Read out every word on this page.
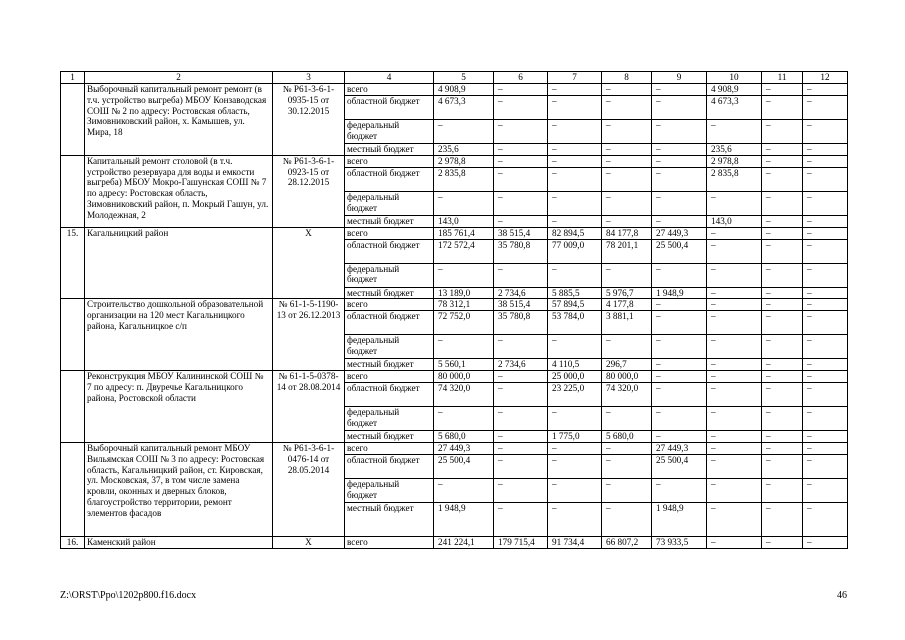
1	2	3	4	5	6	7	8	9	10	11	12
	Выборочный капитальный ремонт ремонт (в т.ч. устройство выгреба) МБОУ Конзаводская СОШ № 2 по адресу: Ростовская область, Зимовниковский район, х. Камышев, ул. Мира, 18	№ Р61-3-6-1-0935-15 от 30.12.2015	всего	4 908,9	–	–	–	–	4 908,9	–	–
			областной бюджет	4 673,3	–	–	–	–	4 673,3	–	–
			федеральный бюджет	–	–	–	–	–	–	–	–
			местный бюджет	235,6	–	–	–	–	235,6	–	–
	Капитальный ремонт столовой (в т.ч. устройство резервуара для воды и емкости выгреба) МБОУ Мокро-Гашунская СОШ № 7 по адресу: Ростовская область, Зимовниковский район, п. Мокрый Гашун, ул. Молодежная, 2	№ Р61-3-6-1-0923-15 от 28.12.2015	всего	2 978,8	–	–	–	–	2 978,8	–	–
			областной бюджет	2 835,8	–	–	–	–	2 835,8	–	–
			федеральный бюджет	–	–	–	–	–	–	–	–
			местный бюджет	143,0	–	–	–	–	143,0	–	–
15.	Кагальницкий район	Х	всего	185 761,4	38 515,4	82 894,5	84 177,8	27 449,3	–	–	–
			областной бюджет	172 572,4	35 780,8	77 009,0	78 201,1	25 500,4	–	–	–
			федеральный бюджет	–	–	–	–	–	–	–	–
			местный бюджет	13 189,0	2 734,6	5 885,5	5 976,7	1 948,9	–	–	–
	Строительство дошкольной образовательной организации на 120 мест Кагальницкого района, Кагальницкое с/п	№ 61-1-5-1190-13 от 26.12.2013	всего	78 312,1	38 515,4	57 894,5	4 177,8	–	–	–	–
			областной бюджет	72 752,0	35 780,8	53 784,0	3 881,1	–	–	–	–
			федеральный бюджет	–	–	–	–	–	–	–	–
			местный бюджет	5 560,1	2 734,6	4 110,5	296,7	–	–	–	–
	Реконструкция МБОУ Калининской СОШ № 7 по адресу: п. Двуречье Кагальницкого района, Ростовской области	№ 61-1-5-0378-14 от 28.08.2014	всего	80 000,0	–	25 000,0	80 000,0	–	–	–	–
			областной бюджет	74 320,0	–	23 225,0	74 320,0	–	–	–	–
			федеральный бюджет	–	–	–	–	–	–	–	–
			местный бюджет	5 680,0	–	1 775,0	5 680,0	–	–	–	–
	Выборочный капитальный ремонт МБОУ Вильямская СОШ № 3 по адресу: Ростовская область, Кагальницкий район, ст. Кировская, ул. Московская, 37, в том числе замена кровли, оконных и дверных блоков, благоустройство территории, ремонт элементов фасадов	№ Р61-3-6-1-0476-14 от 28.05.2014	всего	27 449,3	–	–	–	27 449,3	–	–	–
			областной бюджет	25 500,4	–	–	–	25 500,4	–	–	–
			федеральный бюджет	–	–	–	–	–	–	–	–
			местный бюджет	1 948,9	–	–	–	1 948,9	–	–	–
16.	Каменский район	Х	всего	241 224,1	179 715,4	91 734,4	66 807,2	73 933,5	–	–	–
Z:\ORST\Ppo\1202p800.f16.docx	46
